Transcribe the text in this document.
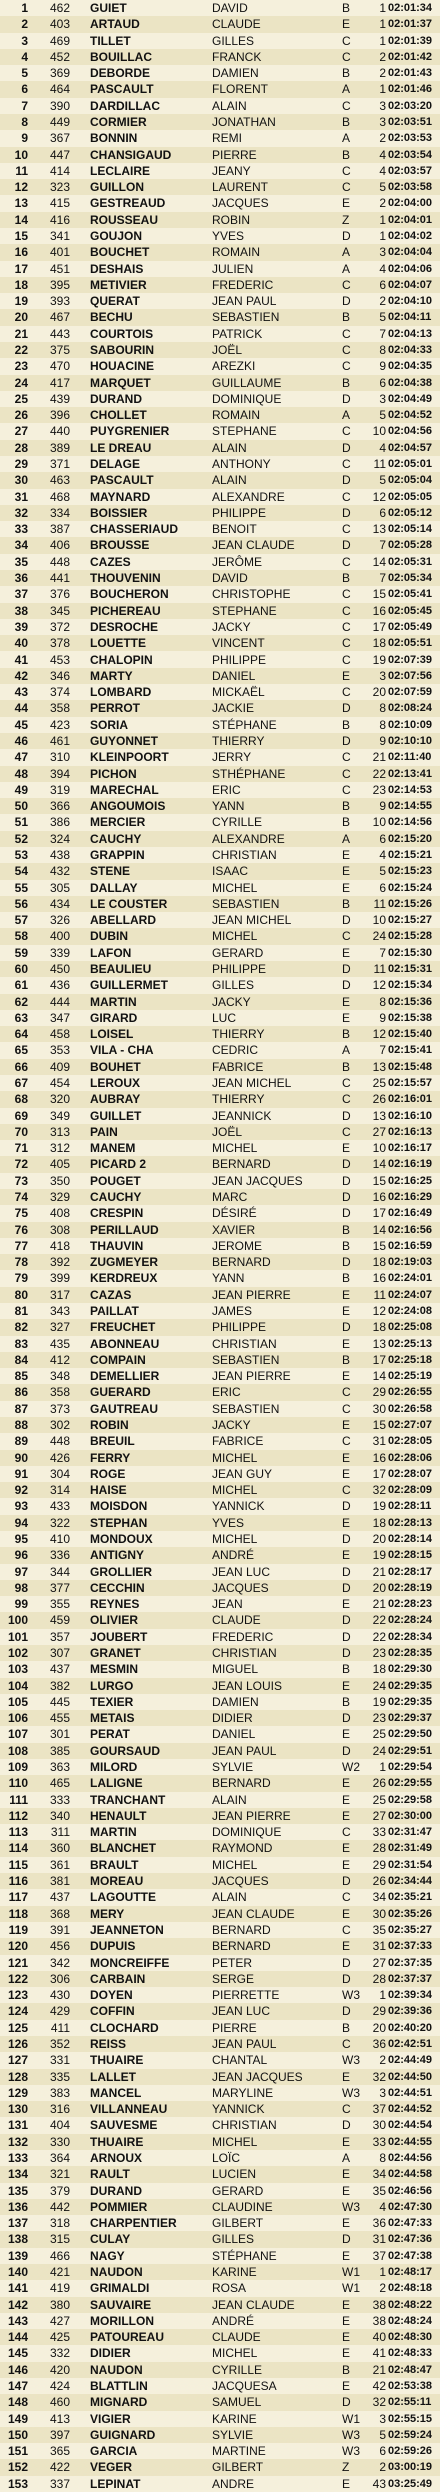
1	462 GUIET	DAVID	B	1 02:01:34
2	403 ARTAUD	CLAUDE	E	1 02:01:37
3	469 TILLET	GILLES	C	1 02:01:39
4	452 BOUILLAC	FRANCK	C	2 02:01:42
5	369 DEBORDE	DAMIEN	B	2 02:01:43
6	464 PASCAULT	FLORENT	A	1 02:01:46
7	390 DARDILLAC	ALAIN	C	3 02:03:20
8	449 CORMIER	JONATHAN	B	3 02:03:51
9	367 BONNIN	REMI	A	2 02:03:53
10	447 CHANSIGAUD	PIERRE	B	4 02:03:54
11	414 LECLAIRE	JEANY	C	4 02:03:57
12	323 GUILLON	LAURENT	C	5 02:03:58
13	415 GESTREAUD	JACQUES	E	2 02:04:00
14	416 ROUSSEAU	ROBIN	Z	1 02:04:01
15	341 GOUJON	YVES	D	1 02:04:02
16	401 BOUCHET	ROMAIN	A	3 02:04:04
17	451 DESHAIS	JULIEN	A	4 02:04:06
18	395 METIVIER	FREDERIC	C	6 02:04:07
19	393 QUERAT	JEAN PAUL	D	2 02:04:10
20	467 BECHU	SEBASTIEN	B	5 02:04:11
21	443 COURTOIS	PATRICK	C	7 02:04:13
22	375 SABOURIN	JOËL	C	8 02:04:33
23	470 HOUACINE	AREZKI	C	9 02:04:35
24	417 MARQUET	GUILLAUME	B	6 02:04:38
25	439 DURAND	DOMINIQUE	D	3 02:04:49
26	396 CHOLLET	ROMAIN	A	5 02:04:52
27	440 PUYGRENIER	STEPHANE	C	10 02:04:56
28	389 LE DREAU	ALAIN	D	4 02:04:57
29	371 DELAGE	ANTHONY	C	11 02:05:01
30	463 PASCAULT	ALAIN	D	5 02:05:04
31	468 MAYNARD	ALEXANDRE	C	12 02:05:05
32	334 BOISSIER	PHILIPPE	D	6 02:05:12
33	387 CHASSERIAUD	BENOIT	C	13 02:05:14
34	406 BROUSSE	JEAN CLAUDE	D	7 02:05:28
35	448 CAZES	JERÔME	C	14 02:05:31
36	441 THOUVENIN	DAVID	B	7 02:05:34
37	376 BOUCHERON	CHRISTOPHE	C	15 02:05:41
38	345 PICHEREAU	STEPHANE	C	16 02:05:45
39	372 DESROCHE	JACKY	C	17 02:05:49
40	378 LOUETTE	VINCENT	C	18 02:05:51
41	453 CHALOPIN	PHILIPPE	C	19 02:07:39
42	346 MARTY	DANIEL	E	3 02:07:56
43	374 LOMBARD	MICKAËL	C	20 02:07:59
44	358 PERROT	JACKIE	D	8 02:08:24
45	423 SORIA	STÉPHANE	B	8 02:10:09
46	461 GUYONNET	THIERRY	D	9 02:10:10
47	310 KLEINPOORT	JERRY	C	21 02:11:40
48	394 PICHON	STHÉPHANE	C	22 02:13:41
49	319 MARECHAL	ERIC	C	23 02:14:53
50	366 ANGOUMOIS	YANN	B	9 02:14:55
51	386 MERCIER	CYRILLE	B	10 02:14:56
52	324 CAUCHY	ALEXANDRE	A	6 02:15:20
53	438 GRAPPIN	CHRISTIAN	E	4 02:15:21
54	432 STENE	ISAAC	E	5 02:15:23
55	305 DALLAY	MICHEL	E	6 02:15:24
56	434 LE COUSTER	SEBASTIEN	B	11 02:15:26
57	326 ABELLARD	JEAN MICHEL	D	10 02:15:27
58	400 DUBIN	MICHEL	C	24 02:15:28
59	339 LAFON	GERARD	E	7 02:15:30
60	450 BEAULIEU	PHILIPPE	D	11 02:15:31
61	436 GUILLERMET	GILLES	D	12 02:15:34
62	444 MARTIN	JACKY	E	8 02:15:36
63	347 GIRARD	LUC	E	9 02:15:38
64	458 LOISEL	THIERRY	B	12 02:15:40
65	353 VILA - CHA	CEDRIC	A	7 02:15:41
66	409 BOUHET	FABRICE	B	13 02:15:48
67	454 LEROUX	JEAN MICHEL	C	25 02:15:57
68	320 AUBRAY	THIERRY	C	26 02:16:01
69	349 GUILLET	JEANNICK	D	13 02:16:10
70	313 PAIN	JOËL	C	27 02:16:13
71	312 MANEM	MICHEL	E	10 02:16:17
72	405 PICARD 2	BERNARD	D	14 02:16:19
73	350 POUGET	JEAN JACQUES	D	15 02:16:25
74	329 CAUCHY	MARC	D	16 02:16:29
75	408 CRESPIN	DÉSIRÉ	D	17 02:16:49
76	308 PERILLAUD	XAVIER	B	14 02:16:56
77	418 THAUVIN	JEROME	B	15 02:16:59
78	392 ZUGMEYER	BERNARD	D	18 02:19:03
79	399 KERDREUX	YANN	B	16 02:24:01
80	317 CAZAS	JEAN PIERRE	E	11 02:24:07
81	343 PAILLAT	JAMES	E	12 02:24:08
82	327 FREUCHET	PHILIPPE	D	18 02:25:08
83	435 ABONNEAU	CHRISTIAN	E	13 02:25:13
84	412 COMPAIN	SEBASTIEN	B	17 02:25:18
85	348 DEMELLIER	JEAN PIERRE	E	14 02:25:19
86	358 GUERARD	ERIC	C	29 02:26:55
87	373 GAUTREAU	SEBASTIEN	C	30 02:26:58
88	302 ROBIN	JACKY	E	15 02:27:07
89	448 BREUIL	FABRICE	C	31 02:28:05
90	426 FERRY	MICHEL	E	16 02:28:06
91	304 ROGE	JEAN GUY	E	17 02:28:07
92	314 HAISE	MICHEL	C	32 02:28:09
93	433 MOISDON	YANNICK	D	19 02:28:11
94	322 STEPHAN	YVES	E	18 02:28:13
95	410 MONDOUX	MICHEL	D	20 02:28:14
96	336 ANTIGNY	ANDRÉ	E	19 02:28:15
97	344 GROLLIER	JEAN LUC	D	21 02:28:17
98	377 CECCHIN	JACQUES	D	20 02:28:19
99	355 REYNES	JEAN	E	21 02:28:23
100	459 OLIVIER	CLAUDE	D	22 02:28:24
101	357 JOUBERT	FREDERIC	D	22 02:28:34
102	307 GRANET	CHRISTIAN	D	23 02:28:35
103	437 MESMIN	MIGUEL	B	18 02:29:30
104	382 LURGO	JEAN LOUIS	E	24 02:29:35
105	445 TEXIER	DAMIEN	B	19 02:29:35
106	455 METAIS	DIDIER	D	23 02:29:37
107	301 PERAT	DANIEL	E	25 02:29:50
108	385 GOURSAUD	JEAN PAUL	D	24 02:29:51
109	363 MILORD	SYLVIE	W2	1 02:29:54
110	465 LALIGNE	BERNARD	E	26 02:29:55
111	333 TRANCHANT	ALAIN	E	25 02:29:58
112	340 HENAULT	JEAN PIERRE	E	27 02:30:00
113	311 MARTIN	DOMINIQUE	C	33 02:31:47
114	360 BLANCHET	RAYMOND	E	28 02:31:49
115	361 BRAULT	MICHEL	E	29 02:31:54
116	381 MOREAU	JACQUES	D	26 02:34:44
117	437 LAGOUTTE	ALAIN	C	34 02:35:21
118	368 MERY	JEAN CLAUDE	E	30 02:35:26
119	391 JEANNETON	BERNARD	C	35 02:35:27
120	456 DUPUIS	BERNARD	E	31 02:37:33
121	342 MONCREIFFE	PETER	D	27 02:37:35
122	306 CARBAIN	SERGE	D	28 02:37:37
123	430 DOYEN	PIERRETTE	W3	1 02:39:34
124	429 COFFIN	JEAN LUC	D	29 02:39:36
125	411 CLOCHARD	PIERRE	B	20 02:40:20
126	352 REISS	JEAN PAUL	C	36 02:42:51
127	331 THUAIRE	CHANTAL	W3	2 02:44:49
128	335 LALLET	JEAN JACQUES	E	32 02:44:50
129	383 MANCEL	MARYLINE	W3	3 02:44:51
130	316 VILLANNEAU	YANNICK	C	37 02:44:52
131	404 SAUVESME	CHRISTIAN	D	30 02:44:54
132	330 THUAIRE	MICHEL	E	33 02:44:55
133	364 ARNOUX	LOÏC	A	8 02:44:56
134	321 RAULT	LUCIEN	E	34 02:44:58
135	379 DURAND	GERARD	E	35 02:46:56
136	442 POMMIER	CLAUDINE	W3	4 02:47:30
137	318 CHARPENTIER	GILBERT	E	36 02:47:33
138	315 CULAY	GILLES	D	31 02:47:36
139	466 NAGY	STÉPHANE	E	37 02:47:38
140	421 NAUDON	KARINE	W1	1 02:48:17
141	419 GRIMALDI	ROSA	W1	2 02:48:18
142	380 SAUVAIRE	JEAN CLAUDE	E	38 02:48:22
143	427 MORILLON	ANDRÉ	E	38 02:48:24
144	425 PATOUREAU	CLAUDE	E	40 02:48:30
145	332 DIDIER	MICHEL	E	41 02:48:33
146	420 NAUDON	CYRILLE	B	21 02:48:47
147	424 BLATTLIN	JACQUESA	E	42 02:53:38
148	460 MIGNARD	SAMUEL	D	32 02:55:11
149	413 VIGIER	KARINE	W1	3 02:55:15
150	397 GUIGNARD	SYLVIE	W3	5 02:59:24
151	365 GARCIA	MARTINE	W3	6 02:59:26
152	422 VEGER	GILBERT	Z	2 03:00:19
153	337 LEPINAT	ANDRE	E	43 03:25:49
